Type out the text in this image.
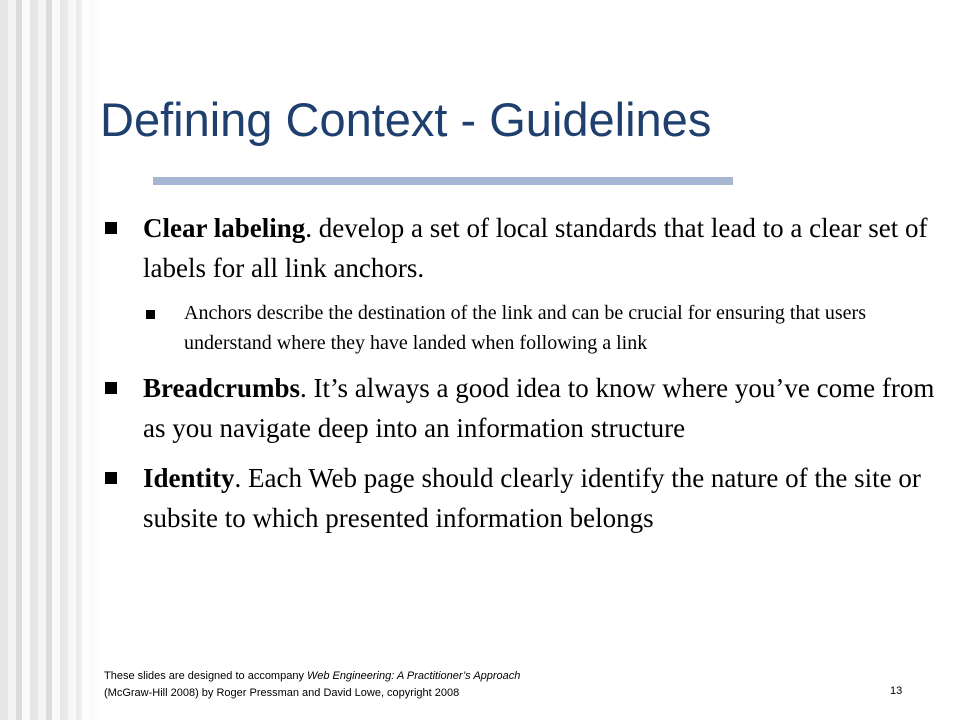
Defining Context - Guidelines
Clear labeling. develop a set of local standards that lead to a clear set of labels for all link anchors.
Anchors describe the destination of the link and can be crucial for ensuring that users understand where they have landed when following a link
Breadcrumbs. It’s always a good idea to know where you’ve come from as you navigate deep into an information structure
Identity. Each Web page should clearly identify the nature of the site or subsite to which presented information belongs
These slides are designed to accompany Web Engineering: A Practitioner’s Approach
(McGraw-Hill 2008) by Roger Pressman and David Lowe, copyright 2008	13
